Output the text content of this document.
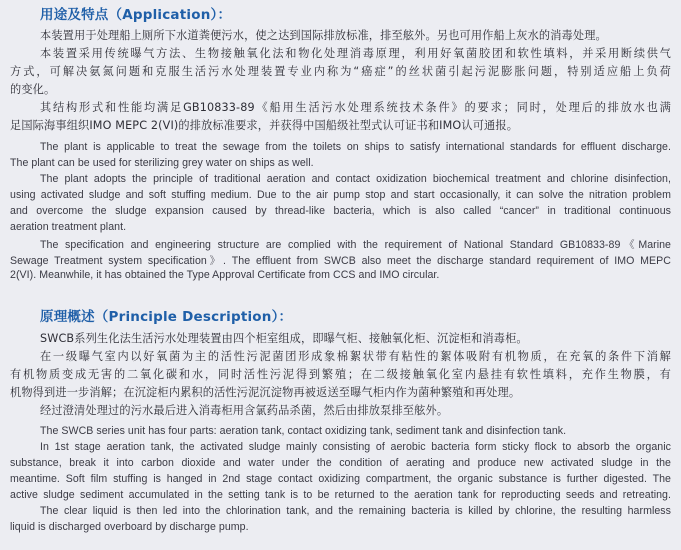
用途及特点（Application）：
本装置用于处理船上厕所下水道粪便污水，使之达到国际排放标准，排至舷外。另也可用作船上灰水的消毒处理。
本装置采用传统曝气方法、生物接触氧化法和物化处理消毒原理，利用好氧菌胶团和软性填料，并采用断续供气
方式，可解决氨氮问题和克服生活污水处理装置专业内称为“癌症”的丝状菌引起污泥膨胀问题，特别适应船上负荷
的变化。
其结构形式和性能均满足GB10833-89《船用生活污水处理系统技术条件》的要求；同时，处理后的排放水也满
足国际海事组织IMO MEPC 2(VI)的排放标准要求，并获得中国船级社型式认可证书和IMO认可通报。
The plant is applicable to treat the sewage from the toilets on ships to satisfy international standards for effluent discharge.
The plant can be used for sterilizing grey water on ships as well.
The plant adopts the principle of traditional aeration and contact oxidization biochemical treatment and chlorine disinfection,
using activated sludge and soft stuffing medium. Due to the air pump stop and start occasionally, it can solve the nitration problem
and overcome the sludge expansion caused by thread-like bacteria, which is also called “cancer” in traditional continuous
aeration treatment plant.
The specification and engineering structure are complied with the requirement of National Standard GB10833-89《Marine
Sewage Treatment system specification》. The effluent from SWCB also meet the discharge standard requirement of IMO MEPC
2(VI). Meanwhile, it has obtained the Type Approval Certificate from CCS and IMO circular.
原理概述（Principle Description）：
SWCB系列生化法生活污水处理装置由四个柜室组成，即曝气柜、接触氧化柜、沉淀柜和消毒柜。
在一级曝气室内以好氧菌为主的活性污泥菌团形成象棉絮状带有粘性的絮体吸附有机物质，在充氧的条件下消解
有机物质变成无害的二氧化碳和水，同时活性污泥得到繁殖；在二级接触氧化室内悬挂有软性填料，充作生物膜，有
机物得到进一步消解；在沉淀柜内累积的活性污泥沉淀物再被返送至曝气柜内作为菌种繁殖和再处理。
经过澄清处理过的污水最后进入消毒柜用含氯药品杀菌，然后由排放泵排至舷外。
The SWCB series unit has four parts: aeration tank, contact oxidizing tank, sediment tank and disinfection tank.
In 1st stage aeration tank, the activated sludge mainly consisting of aerobic bacteria form sticky flock to absorb the organic
substance, break it into carbon dioxide and water under the condition of aerating and produce new activated sludge in the
meantime. Soft film stuffing is hanged in 2nd stage contact oxidizing compartment, the organic substance is further digested. The
active sludge sediment accumulated in the setting tank is to be returned to the aeration tank for reproducting seeds and retreating.
The clear liquid is then led into the chlorination tank, and the remaining bacteria is killed by chlorine, the resulting harmless
liquid is discharged overboard by discharge pump.
